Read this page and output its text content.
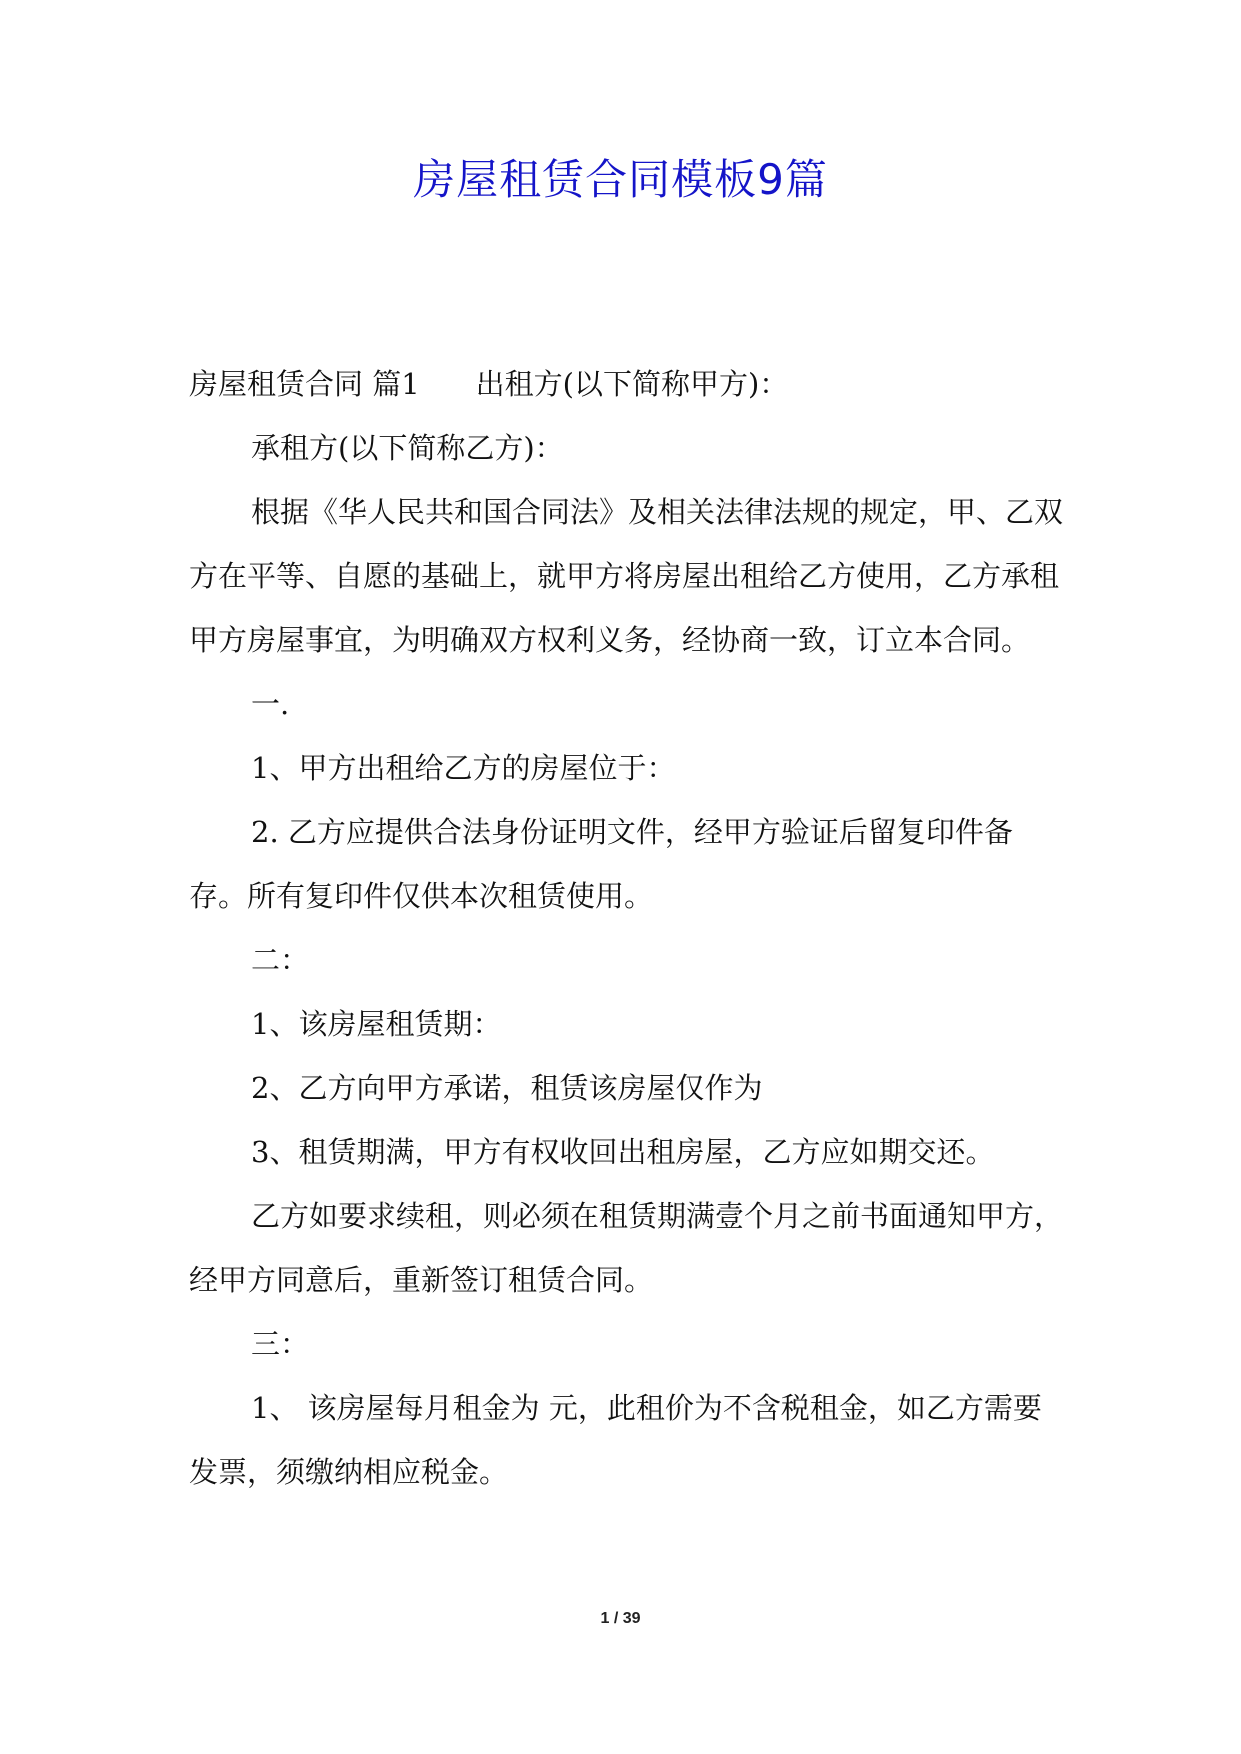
房屋租赁合同模板9篇

房屋租赁合同 篇1 出租方(以下简称甲方)：

承租方(以下简称乙方)：

根据《华人民共和国合同法》及相关法律法规的规定，甲、乙双方在平等、自愿的基础上，就甲方将房屋出租给乙方使用，乙方承租甲方房屋事宜，为明确双方权利义务，经协商一致，订立本合同。

一.

1、甲方出租给乙方的房屋位于：

2. 乙方应提供合法身份证明文件，经甲方验证后留复印件备存。所有复印件仅供本次租赁使用。

二：

1、该房屋租赁期：

2、乙方向甲方承诺，租赁该房屋仅作为

3、租赁期满，甲方有权收回出租房屋，乙方应如期交还。

乙方如要求续租，则必须在租赁期满壹个月之前书面通知甲方，经甲方同意后，重新签订租赁合同。

三：

1、 该房屋每月租金为 元，此租价为不含税租金，如乙方需要发票，须缴纳相应税金。

1 / 39
